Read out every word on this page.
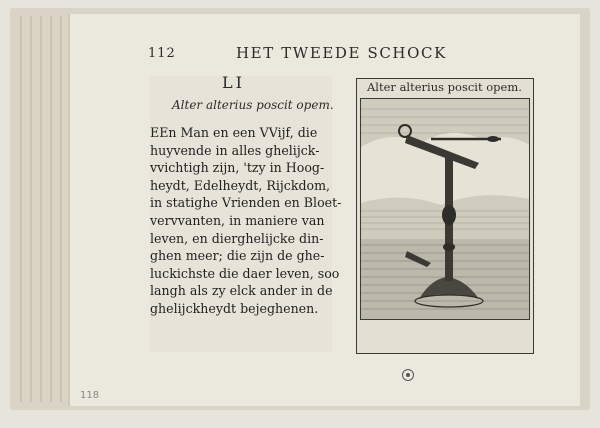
112	HET TWEEDE SCHOCK
LI
Alter alterius poscit opem.

EEn Man en een VVijf, die
huyvende in alles ghelijck-
vvichtigh zijn, 'tzy in Hoog-
heydt, Edelheydt, Rijckdom,
in statighe Vrienden en Bloet-
vervvanten, in maniere van
leven, en dierghelijcke din-
ghen meer; die zijn de ghe-
luckichste die daer leven, soo
langh als zy elck ander in de
ghelijckheydt bejeghenen.

Alter alterius poscit opem.
118
